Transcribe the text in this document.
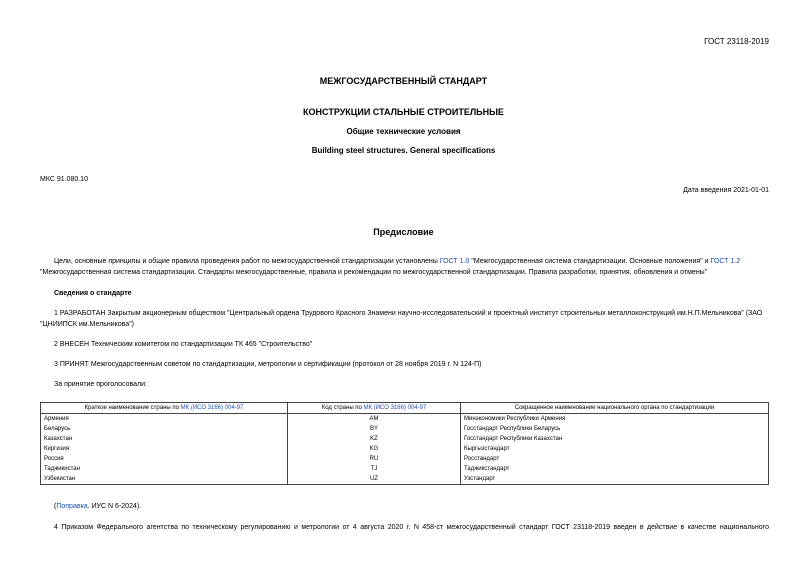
ГОСТ 23118-2019
МЕЖГОСУДАРСТВЕННЫЙ СТАНДАРТ
КОНСТРУКЦИИ СТАЛЬНЫЕ СТРОИТЕЛЬНЫЕ
Общие технические условия
Building steel structures. General specifications
МКС 91.080.10
Дата введения 2021-01-01
Предисловие
Цели, основные принципы и общие правила проведения работ по межгосударственной стандартизации установлены ГОСТ 1.0 "Межгосударственная система стандартизации. Основные положения" и ГОСТ 1.2 "Межгосударственная система стандартизации. Стандарты межгосударственные, правила и рекомендации по межгосударственной стандартизации. Правила разработки, принятия, обновления и отмены"
Сведения о стандарте
1 РАЗРАБОТАН Закрытым акционерным обществом "Центральный ордена Трудового Красного Знамени научно-исследовательский и проектный институт строительных металлоконструкций им.Н.П.Мельникова" (ЗАО "ЦНИИПСК им.Мельникова")
2 ВНЕСЕН Техническим комитетом по стандартизации ТК 465 "Строительство"
3 ПРИНЯТ Межгосударственным советом по стандартизации, метрологии и сертификации (протокол от 28 ноября 2019 г. N 124-П)
За принятие проголосовали:
Краткое наименование страны по МК (ИСО 3166) 004-97	Код страны по МК (ИСО 3166) 004-97	Сокращенное наименование национального органа по стандартизации
Армения	AM	Минэкономики Республики Армения
Беларусь	BY	Госстандарт Республики Беларусь
Казахстан	KZ	Госстандарт Республики Казахстан
Киргизия	KG	Кыргызстандарт
Россия	RU	Росстандарт
Таджикистан	TJ	Таджикстандарт
Узбекистан	UZ	Узстандарт
(Поправка. ИУС N 6-2024).
4 Приказом Федерального агентства по техническому регулированию и метрологии от 4 августа 2020 г. N 458-ст межгосударственный стандарт ГОСТ 23118-2019 введен в действие в качестве национального
